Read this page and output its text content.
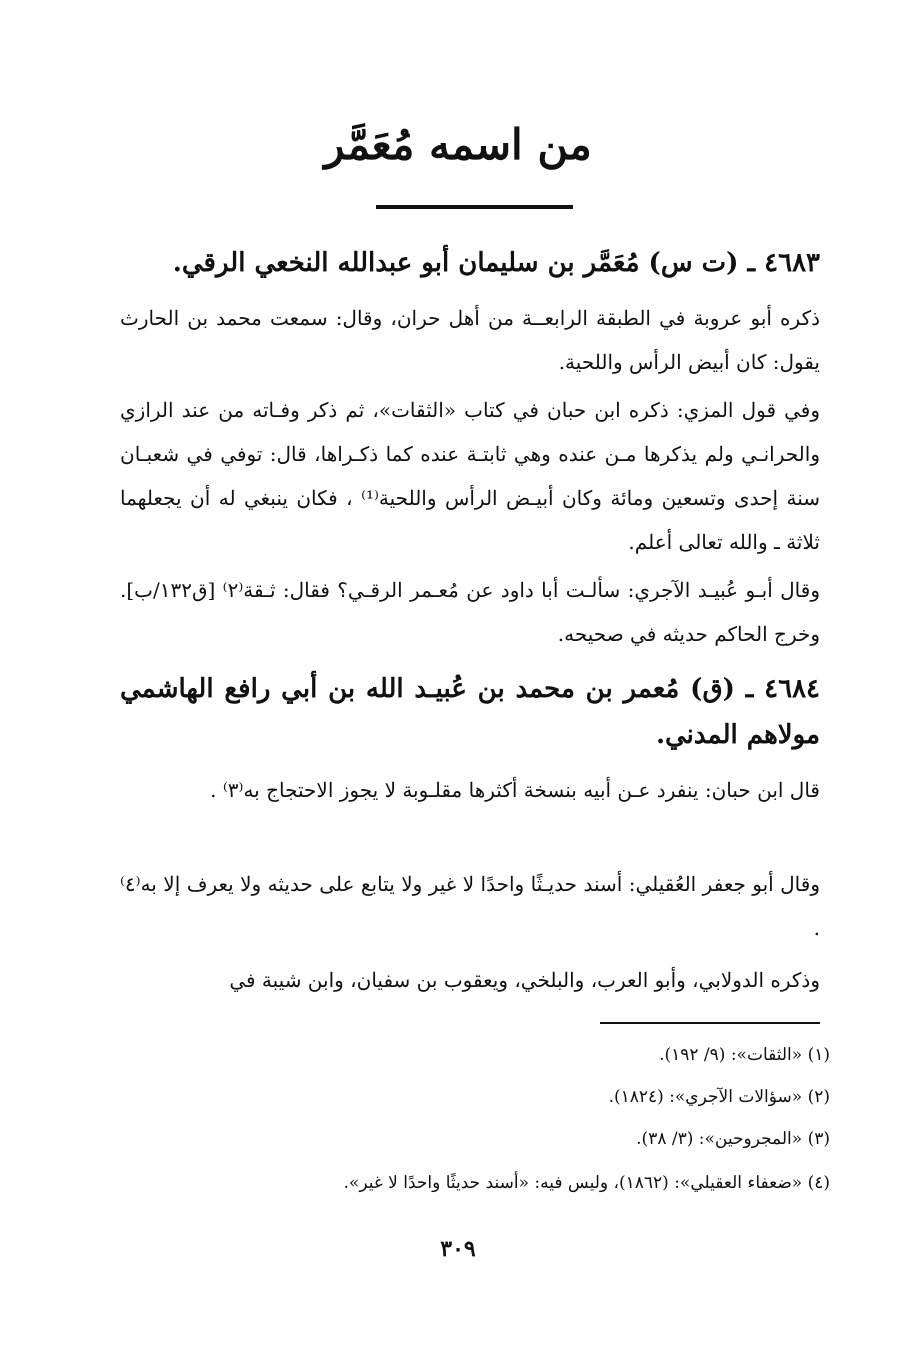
من اسمه مُعَمَّر
٤٦٨٣ ـ (ت س) مُعَمَّر بن سليمان أبو عبدالله النخعي الرقي.
ذكره أبو عروبة في الطبقة الرابعــة من أهل حران، وقال: سمعت محمد بن الحارث يقول: كان أبيض الرأس واللحية.
وفي قول المزي: ذكره ابن حبان في كتاب «الثقات»، ثم ذكر وفـاته من عند الرازي والحرانـي ولم يذكرها مـن عنده وهي ثابتـة عنده كما ذكـراها، قال: توفي في شعبـان سنة إحدى وتسعين ومائة وكان أبيـض الرأس واللحية⁽¹⁾ ، فكان ينبغي له أن يجعلهما ثلاثة ـ والله تعالى أعلم.
وقال أبـو عُبيـد الآجري: سألـت أبا داود عن مُعـمر الرقـي؟ فقال: ثـقة⁽٢⁾ [ق١٣٢/ب]. وخرج الحاكم حديثه في صحيحه.
٤٦٨٤ ـ (ق) مُعمر بن محمد بن عُبيـد الله بن أبي رافع الهاشمي مولاهم المدني.
قال ابن حبان: ينفرد عـن أبيه بنسخة أكثرها مقلـوبة لا يجوز الاحتجاج به⁽٣⁾ .
وقال أبو جعفر العُقيلي: أسند حديـثًا واحدًا لا غير ولا يتابع على حديثه ولا يعرف إلا به⁽٤⁾ .
وذكره الدولابي، وأبو العرب، والبلخي، ويعقوب بن سفيان، وابن شيبة في
(١) «الثقات»: (٩/ ١٩٢).
(٢) «سؤالات الآجري»: (١٨٢٤).
(٣) «المجروحين»: (٣/ ٣٨).
(٤) «ضعفاء العقيلي»: (١٨٦٢)، وليس فيه: «أسند حديثًا واحدًا لا غير».
٣٠٩
